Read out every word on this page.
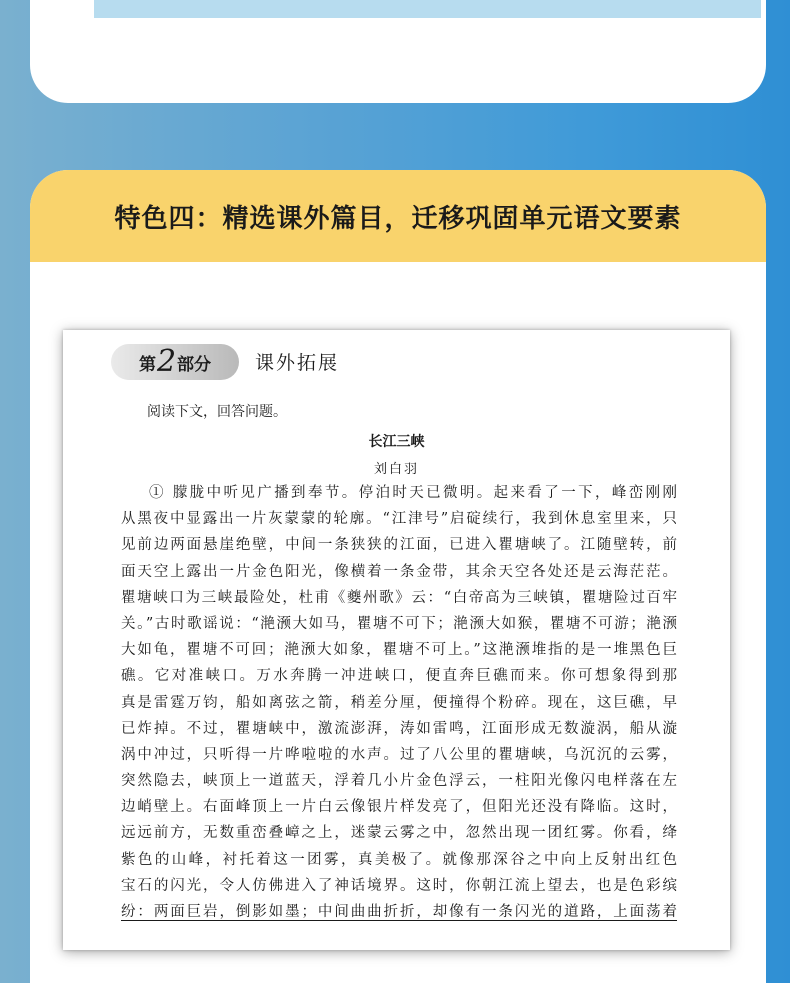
特色四：精选课外篇目，迁移巩固单元语文要素
第 2 部分 课外拓展
阅读下文，回答问题。
长江三峡
刘白羽
① 朦胧中听见广播到奉节。停泊时天已微明。起来看了一下，峰峦刚刚
从黑夜中显露出一片灰蒙蒙的轮廓。“江津号”启碇续行，我到休息室里来，只
见前边两面悬崖绝壁，中间一条狭狭的江面，已进入瞿塘峡了。江随壁转，前
面天空上露出一片金色阳光，像横着一条金带，其余天空各处还是云海茫茫。
瞿塘峡口为三峡最险处，杜甫《夔州歌》云：“白帝高为三峡镇，瞿塘险过百牢
关。”古时歌谣说：“滟滪大如马，瞿塘不可下；滟滪大如猴，瞿塘不可游；滟滪
大如龟，瞿塘不可回；滟滪大如象，瞿塘不可上。”这滟滪堆指的是一堆黑色巨
礁。它对准峡口。万水奔腾一冲进峡口，便直奔巨礁而来。你可想象得到那
真是雷霆万钧，船如离弦之箭，稍差分厘，便撞得个粉碎。现在，这巨礁，早
已炸掉。不过，瞿塘峡中，激流澎湃，涛如雷鸣，江面形成无数漩涡，船从漩
涡中冲过，只听得一片哗啦啦的水声。过了八公里的瞿塘峡，乌沉沉的云雾，
突然隐去，峡顶上一道蓝天，浮着几小片金色浮云，一柱阳光像闪电样落在左
边峭壁上。右面峰顶上一片白云像银片样发亮了，但阳光还没有降临。这时，
远远前方，无数重峦叠嶂之上，迷蒙云雾之中，忽然出现一团红雾。你看，绛
紫色的山峰，衬托着这一团雾，真美极了。就像那深谷之中向上反射出红色
宝石的闪光，令人仿佛进入了神话境界。这时，你朝江流上望去，也是色彩缤
纷：两面巨岩，倒影如墨；中间曲曲折折，却像有一条闪光的道路，上面荡着
